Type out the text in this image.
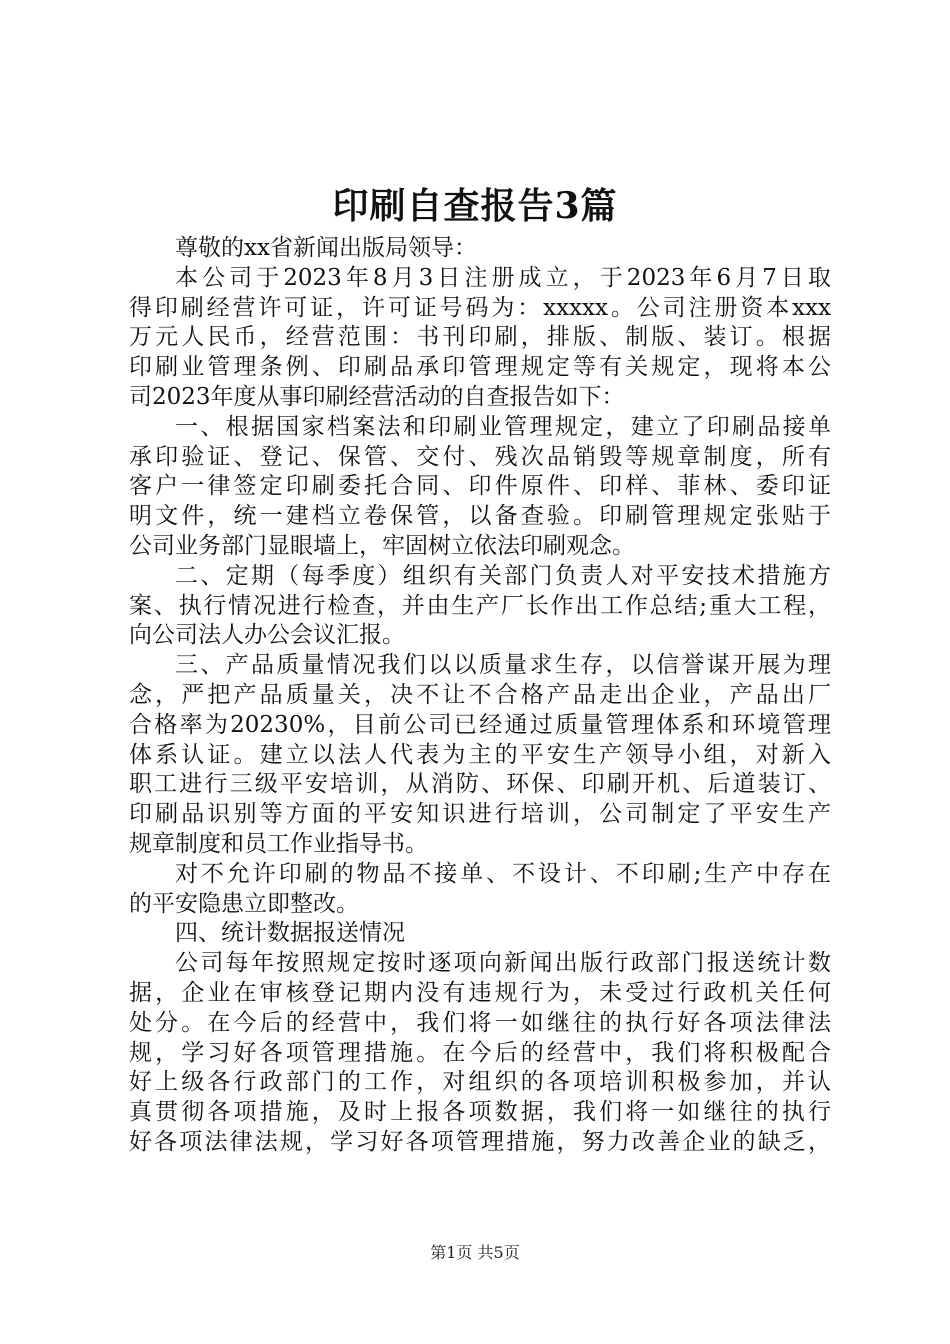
印刷自查报告3篇
尊敬的xx省新闻出版局领导：
本公司于2023年8月3日注册成立，于2023年6月7日取
得印刷经营许可证，许可证号码为：xxxxx。公司注册资本xxx
万元人民币，经营范围：书刊印刷，排版、制版、装订。根据
印刷业管理条例、印刷品承印管理规定等有关规定，现将本公
司2023年度从事印刷经营活动的自查报告如下：
一、根据国家档案法和印刷业管理规定，建立了印刷品接单
承印验证、登记、保管、交付、残次品销毁等规章制度，所有
客户一律签定印刷委托合同、印件原件、印样、菲林、委印证
明文件，统一建档立卷保管，以备查验。印刷管理规定张贴于
公司业务部门显眼墙上，牢固树立依法印刷观念。
二、定期（每季度）组织有关部门负责人对平安技术措施方
案、执行情况进行检查，并由生产厂长作出工作总结;重大工程，
向公司法人办公会议汇报。
三、产品质量情况我们以以质量求生存，以信誉谋开展为理
念，严把产品质量关，决不让不合格产品走出企业，产品出厂
合格率为20230%，目前公司已经通过质量管理体系和环境管理
体系认证。建立以法人代表为主的平安生产领导小组，对新入
职工进行三级平安培训，从消防、环保、印刷开机、后道装订、
印刷品识别等方面的平安知识进行培训，公司制定了平安生产
规章制度和员工作业指导书。
对不允许印刷的物品不接单、不设计、不印刷;生产中存在
的平安隐患立即整改。
四、统计数据报送情况
公司每年按照规定按时逐项向新闻出版行政部门报送统计数
据，企业在审核登记期内没有违规行为，未受过行政机关任何
处分。在今后的经营中，我们将一如继往的执行好各项法律法
规，学习好各项管理措施。在今后的经营中，我们将积极配合
好上级各行政部门的工作，对组织的各项培训积极参加，并认
真贯彻各项措施，及时上报各项数据，我们将一如继往的执行
好各项法律法规，学习好各项管理措施，努力改善企业的缺乏，
第1页 共5页
